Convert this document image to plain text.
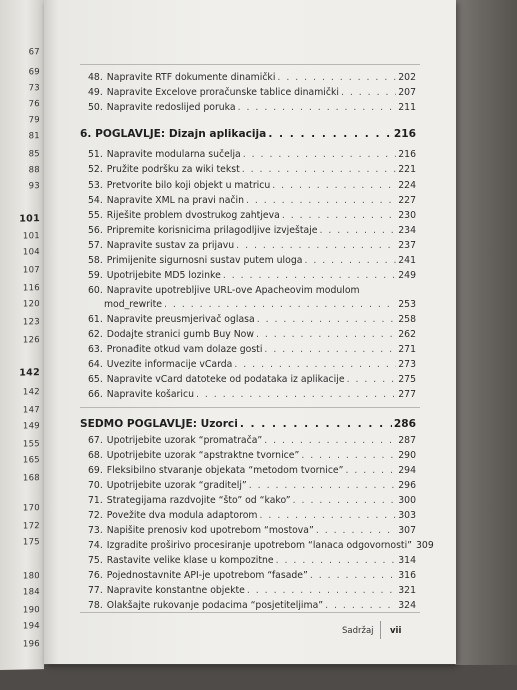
67
69
73
76
79
81
85
88
93
101
101
104
107
116
120
123
126
142
142
147
149
155
165
168
170
172
175
180
184
190
194
196
Sadržaj vii
48. Napravite RTF dokumente dinamički . . .	202
49. Napravite Excelove proračunske tablice dinamički . . .	207
50. Napravite redoslijed poruka . . .	211
6. POGLAVLJE: Dizajn aplikacija . . .	216
51. Napravite modularna sučelja . . .	216
52. Pružite podršku za wiki tekst . . .	221
53. Pretvorite bilo koji objekt u matricu . . .	224
54. Napravite XML na pravi način . . .	227
55. Riješite problem dvostrukog zahtjeva . . .	230
56. Pripremite korisnicima prilagodljive izvještaje . . .	234
57. Napravite sustav za prijavu . . .	237
58. Primijenite sigurnosni sustav putem uloga . . .	241
59. Upotrijebite MD5 lozinke . . .	249
60. Napravite upotrebljive URL-ove Apacheovim modulom
mod_rewrite . . .	253
61. Napravite preusmjerivač oglasa . . .	258
62. Dodajte stranici gumb Buy Now . . .	262
63. Pronađite otkud vam dolaze gosti . . .	271
64. Uvezite informacije vCarda . . .	273
65. Napravite vCard datoteke od podataka iz aplikacije . . .	275
66. Napravite košaricu . . .	277
SEDMO POGLAVLJE: Uzorci . . .	286
67. Upotrijebite uzorak “promatrača” . . .	287
68. Upotrijebite uzorak “apstraktne tvornice” . . .	290
69. Fleksibilno stvaranje objekata “metodom tvornice” . . .	294
70. Upotrijebite uzorak “graditelj” . . .	296
71. Strategijama razdvojite “što” od “kako” . . .	300
72. Povežite dva modula adaptorom . . .	303
73. Napišite prenosiv kod upotrebom “mostova” . . .	307
74. Izgradite proširivo procesiranje upotrebom “lanaca odgovornosti” 309
75. Rastavite velike klase u kompozitne . . .	314
76. Pojednostavnite API-je upotrebom “fasade” . . .	316
77. Napravite konstantne objekte . . .	321
78. Olakšajte rukovanje podacima “posjetiteljima” . . .	324
